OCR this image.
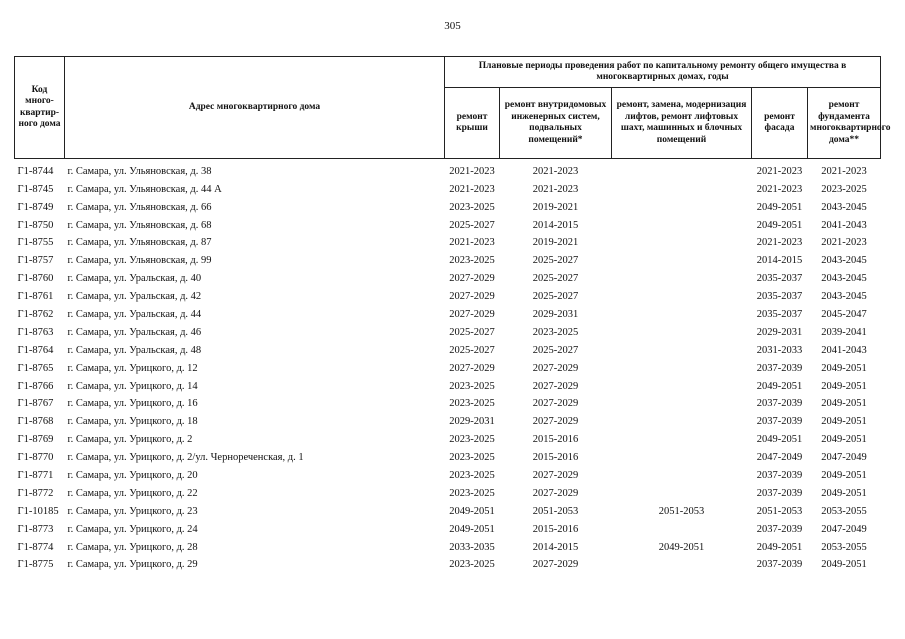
305
Код много-квартир-ного дома	Адрес многоквартирного дома	Плановые периоды проведения работ по капитальному ремонту общего имущества в многоквартирных домах, годы				
		ремонт крыши	ремонт внутридомовых инженерных систем, подвальных помещений*	ремонт, замена, модернизация лифтов, ремонт лифтовых шахт, машинных и блочных помещений	ремонт фасада	ремонт фундамента многоквартирного дома**
Г1-8744	г. Самара, ул. Ульяновская, д. 38	2021-2023	2021-2023		2021-2023	2021-2023
Г1-8745	г. Самара, ул. Ульяновская, д. 44 А	2021-2023	2021-2023		2021-2023	2023-2025
Г1-8749	г. Самара, ул. Ульяновская, д. 66	2023-2025	2019-2021		2049-2051	2043-2045
Г1-8750	г. Самара, ул. Ульяновская, д. 68	2025-2027	2014-2015		2049-2051	2041-2043
Г1-8755	г. Самара, ул. Ульяновская, д. 87	2021-2023	2019-2021		2021-2023	2021-2023
Г1-8757	г. Самара, ул. Ульяновская, д. 99	2023-2025	2025-2027		2014-2015	2043-2045
Г1-8760	г. Самара, ул. Уральская, д. 40	2027-2029	2025-2027		2035-2037	2043-2045
Г1-8761	г. Самара, ул. Уральская, д. 42	2027-2029	2025-2027		2035-2037	2043-2045
Г1-8762	г. Самара, ул. Уральская, д. 44	2027-2029	2029-2031		2035-2037	2045-2047
Г1-8763	г. Самара, ул. Уральская, д. 46	2025-2027	2023-2025		2029-2031	2039-2041
Г1-8764	г. Самара, ул. Уральская, д. 48	2025-2027	2025-2027		2031-2033	2041-2043
Г1-8765	г. Самара, ул. Урицкого, д. 12	2027-2029	2027-2029		2037-2039	2049-2051
Г1-8766	г. Самара, ул. Урицкого, д. 14	2023-2025	2027-2029		2049-2051	2049-2051
Г1-8767	г. Самара, ул. Урицкого, д. 16	2023-2025	2027-2029		2037-2039	2049-2051
Г1-8768	г. Самара, ул. Урицкого, д. 18	2029-2031	2027-2029		2037-2039	2049-2051
Г1-8769	г. Самара, ул. Урицкого, д. 2	2023-2025	2015-2016		2049-2051	2049-2051
Г1-8770	г. Самара, ул. Урицкого, д. 2/ул. Чернореченская, д. 1	2023-2025	2015-2016		2047-2049	2047-2049
Г1-8771	г. Самара, ул. Урицкого, д. 20	2023-2025	2027-2029		2037-2039	2049-2051
Г1-8772	г. Самара, ул. Урицкого, д. 22	2023-2025	2027-2029		2037-2039	2049-2051
Г1-10185	г. Самара, ул. Урицкого, д. 23	2049-2051	2051-2053	2051-2053	2051-2053	2053-2055
Г1-8773	г. Самара, ул. Урицкого, д. 24	2049-2051	2015-2016		2037-2039	2047-2049
Г1-8774	г. Самара, ул. Урицкого, д. 28	2033-2035	2014-2015	2049-2051	2049-2051	2053-2055
Г1-8775	г. Самара, ул. Урицкого, д. 29	2023-2025	2027-2029		2037-2039	2049-2051
